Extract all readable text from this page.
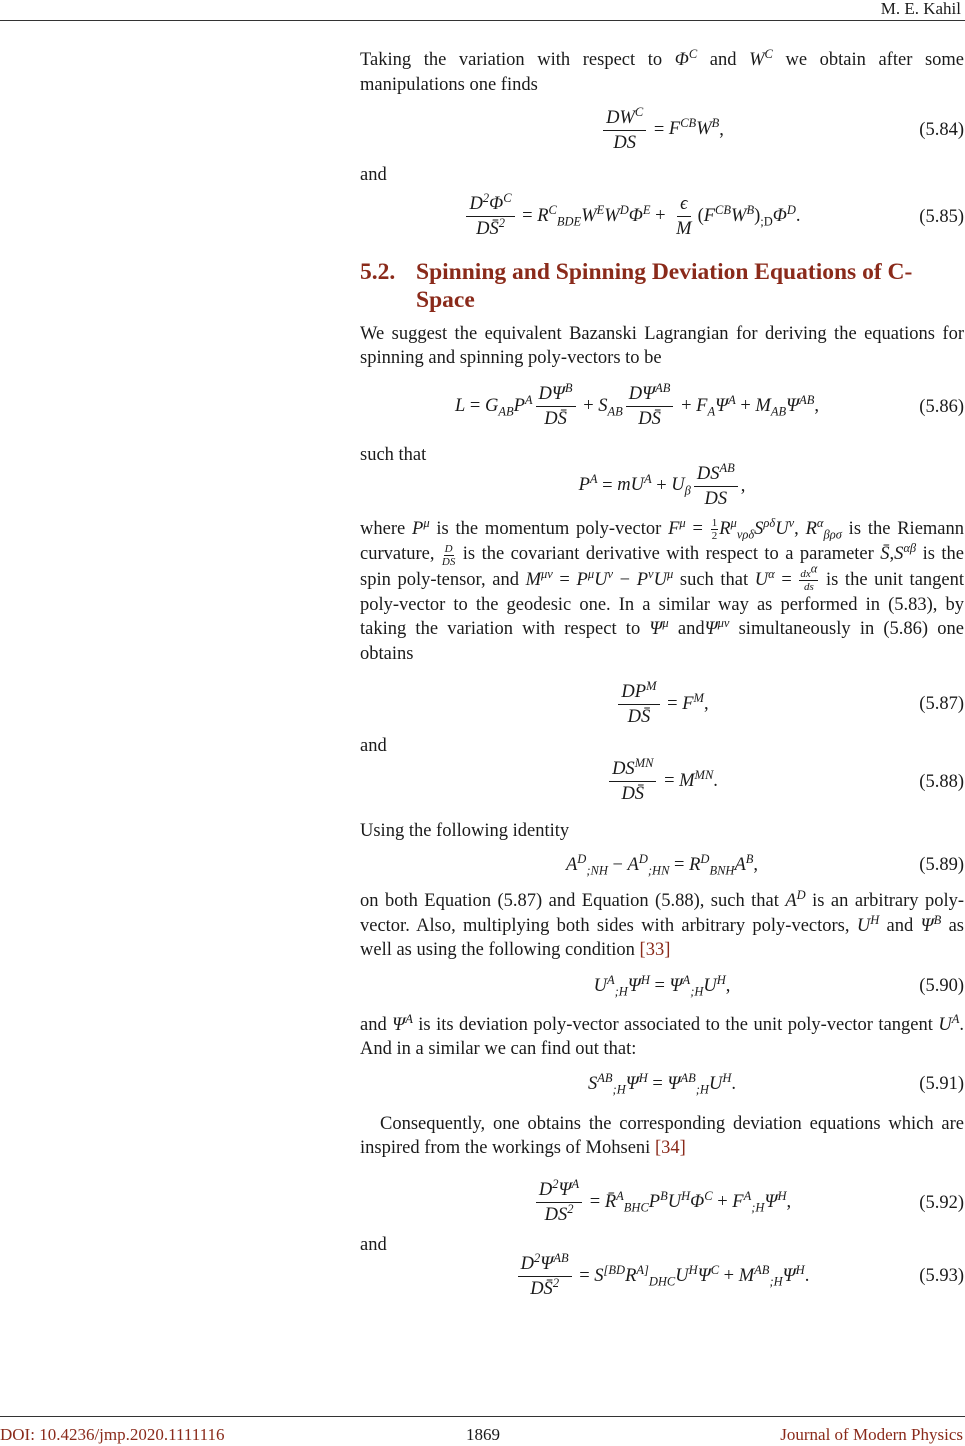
M. E. Kahil

Taking the variation with respect to $\Phi^C$ and $W^C$ we obtain after some manipulations one finds

$\frac{DW^C}{DS} = F^{CB}W^B$,	(5.84)

and

$\frac{D^2\Phi^C}{DS̄^2} = R^C_{BDE}W^EW^D\Phi^E + \frac{\epsilon}{M} (F^{CB}W^B)_{;D}\Phi^D$.	(5.85)
5.2. Spinning and Spinning Deviation Equations of C-Space

We suggest the equivalent Bazanski Lagrangian for deriving the equations for spinning and spinning poly-vectors to be

$L = G_{AB}P^A \frac{D\Psi^B}{DS̄} + S_{AB} \frac{D\Psi^{AB}}{DS̄} + F_A\Psi^A + M_{AB}\Psi^{AB}$,	(5.86)

such that

$P^A = mU^A + U_\beta \frac{DS^{AB}}{DS}$ ,

where $P^\mu$ is the momentum poly-vector $F^\mu = \frac{1}{2} R^\mu_{\nu\rho\delta}S^{\rho\delta}U^\nu$, $R^\alpha_{\beta\rho\sigma}$ is the Riemann curvature, $\frac{D}{DS}$ is the covariant derivative with respect to a parameter $S̄,S^{\alpha\beta}$ is the spin poly-tensor, and $M^{\mu\nu} = P^\mu U^\nu - P^\nu U^\mu$ such that $U^\alpha = dx^\alpha$
ds is the unit tangent poly-vector to the geodesic one. In a similar way as performed in (5.83), by taking the variation with respect to $\Psi^\mu$ andΨ$^{\mu\nu}$ simultaneously in (5.86) one obtains

$\frac{DP^M}{DS̄} = F^M$,	(5.87)

and

$\frac{DS^{MN}}{DS̄} = M^{MN}$.	(5.88)

Using the following identity

$A^D_{;NH} - A^D_{;HN} = R^D_{BNH}A^B$,	(5.89)

on both Equation (5.87) and Equation (5.88), such that $A^D$ is an arbitrary poly-vector. Also, multiplying both sides with arbitrary poly-vectors, $U^H$ and $\Psi^B$ as well as using the following condition [33]

$U^A_{;H}\Psi^H = \Psi^A_{;H}U^H$,	(5.90)

and $\Psi^A$ is its deviation poly-vector associated to the unit poly-vector tangent $U^A$. And in a similar we can find out that:

$S^{AB}_{;H}\Psi^H = \Psi^{AB}_{;H}U^H$.	(5.91)

Consequently, one obtains the corresponding deviation equations which are inspired from the workings of Mohseni [34]

$\frac{D^2\Psi^A}{DS^2}$ = $R̄^A_{BHC}P^BU^H\Phi^C + F^A_{;H}\Psi^H$,	(5.92)

and

$\frac{D^2\Psi^{AB}}{DS̄^2} = S^{[BD}R^{A]}_{DHC}U^H\Psi^C + M^{AB}_{;H}\Psi^H$.	(5.93)
DOI: 10.4236/jmp.2020.1111116	1869	Journal of Modern Physics
